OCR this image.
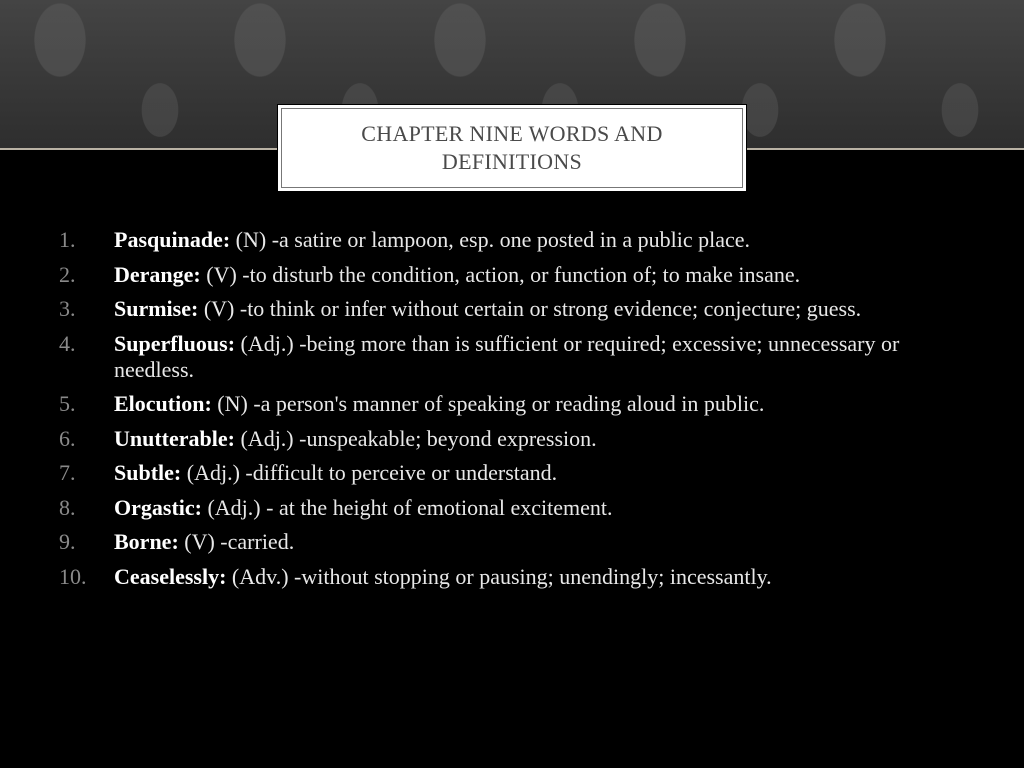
CHAPTER NINE WORDS AND DEFINITIONS
1. Pasquinade: (N) -a satire or lampoon, esp. one posted in a public place.
2. Derange: (V) -to disturb the condition, action, or function of; to make insane.
3. Surmise: (V) -to think or infer without certain or strong evidence; conjecture; guess.
4. Superfluous: (Adj.) -being more than is sufficient or required; excessive; unnecessary or needless.
5. Elocution: (N) -a person's manner of speaking or reading aloud in public.
6. Unutterable: (Adj.) -unspeakable; beyond expression.
7. Subtle: (Adj.) -difficult to perceive or understand.
8. Orgastic: (Adj.) - at the height of emotional excitement.
9. Borne: (V) -carried.
10. Ceaselessly: (Adv.) -without stopping or pausing; unendingly; incessantly.
